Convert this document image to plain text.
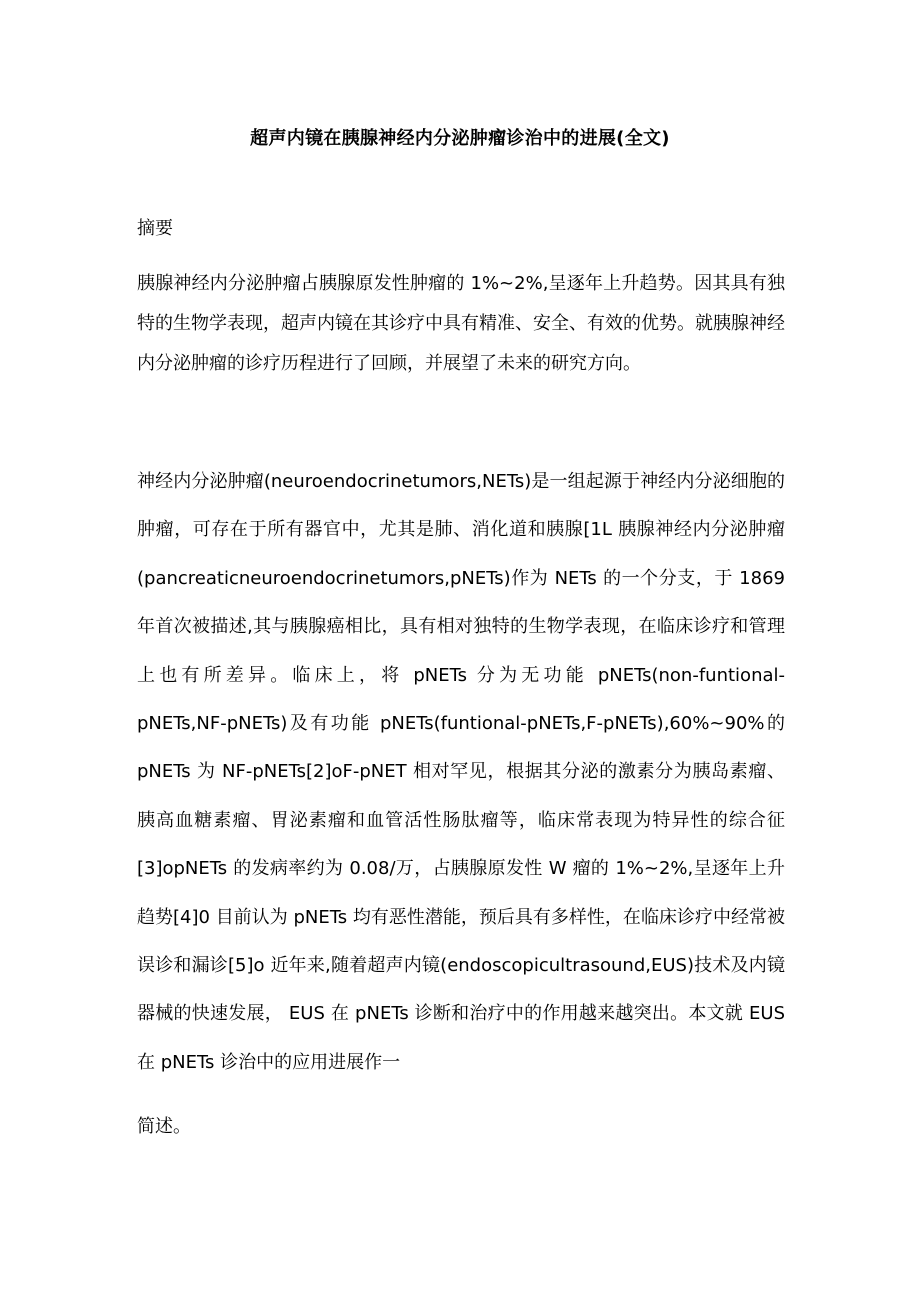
超声内镜在胰腺神经内分泌肿瘤诊治中的进展(全文)
摘要

胰腺神经内分泌肿瘤占胰腺原发性肿瘤的 1%~2%,呈逐年上升趋势。因其具有独特的生物学表现，超声内镜在其诊疗中具有精准、安全、有效的优势。就胰腺神经内分泌肿瘤的诊疗历程进行了回顾，并展望了未来的研究方向。

神经内分泌肿瘤(neuroendocrinetumors,NETs)是一组起源于神经内分泌细胞的肿瘤，可存在于所有器官中，尤其是肺、消化道和胰腺[1L 胰腺神经内分泌肿瘤(pancreaticneuroendocrinetumors,pNETs)作为 NETs 的一个分支，于 1869 年首次被描述,其与胰腺癌相比，具有相对独特的生物学表现，在临床诊疗和管理上也有所差异。临床上，将 pNETs 分为无功能 pNETs(non-funtional-pNETs,NF-pNETs)及有功能 pNETs(funtional-pNETs,F-pNETs),60%~90%的 pNETs 为 NF-pNETs[2]oF-pNET 相对罕见，根据其分泌的激素分为胰岛素瘤、胰高血糖素瘤、胃泌素瘤和血管活性肠肽瘤等，临床常表现为特异性的综合征[3]opNETs 的发病率约为 0.08/万，占胰腺原发性 W 瘤的 1%~2%,呈逐年上升趋势[4]0 目前认为 pNETs 均有恶性潜能，预后具有多样性，在临床诊疗中经常被误诊和漏诊[5]o 近年来,随着超声内镜(endoscopicultrasound,EUS)技术及内镜器械的快速发展， EUS 在 pNETs 诊断和治疗中的作用越来越突出。本文就 EUS 在 pNETs 诊治中的应用进展作一

简述。
